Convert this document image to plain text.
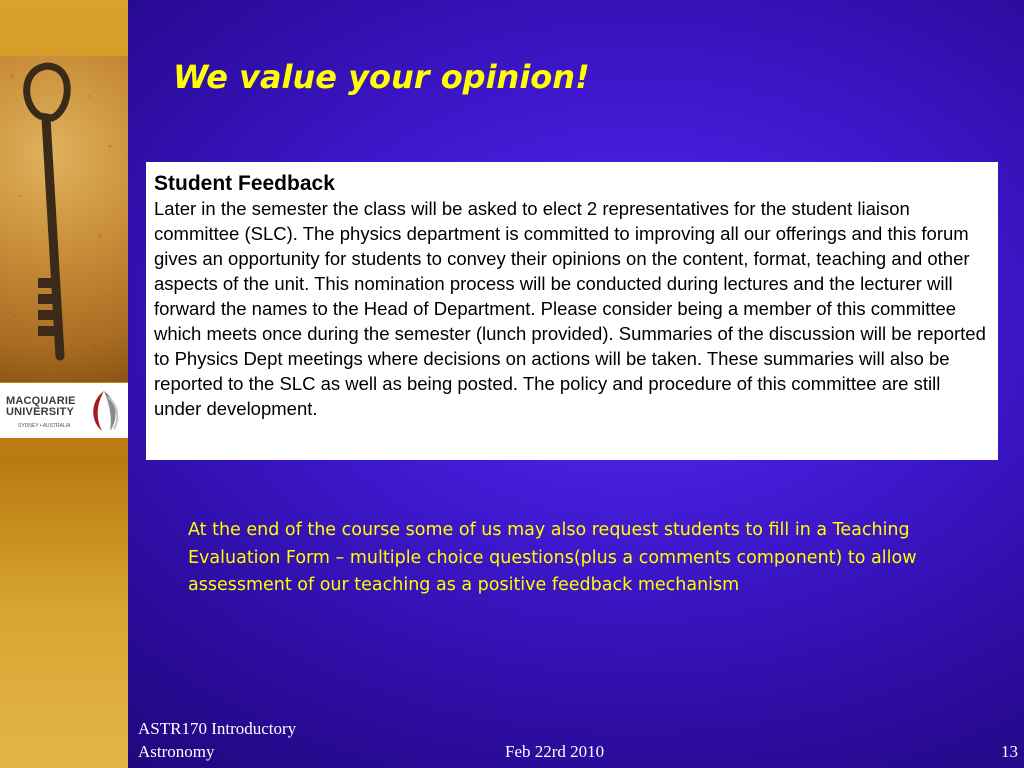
MACQUARIE
UNIVERSITY
SYDNEY • AUSTRALIA
We value your opinion!

Student Feedback

Later in the semester the class will be asked to elect 2 representatives for the student liaison committee (SLC). The physics department is committed to improving all our offerings and this forum gives an opportunity for students to convey their opinions on the content, format, teaching and other aspects of the unit. This nomination process will be conducted during lectures and the lecturer will forward the names to the Head of Department. Please consider being a member of this committee which meets once during the semester (lunch provided). Summaries of the discussion will be reported to Physics Dept meetings where decisions on actions will be taken. These summaries will also be reported to the SLC as well as being posted. The policy and procedure of this committee are still under development.

At the end of the course some of us may also request students to fill in a Teaching Evaluation Form – multiple choice questions(plus a comments component) to allow assessment of our teaching as a positive feedback mechanism

ASTR170 Introductory
Astronomy	Feb 22rd 2010	13
